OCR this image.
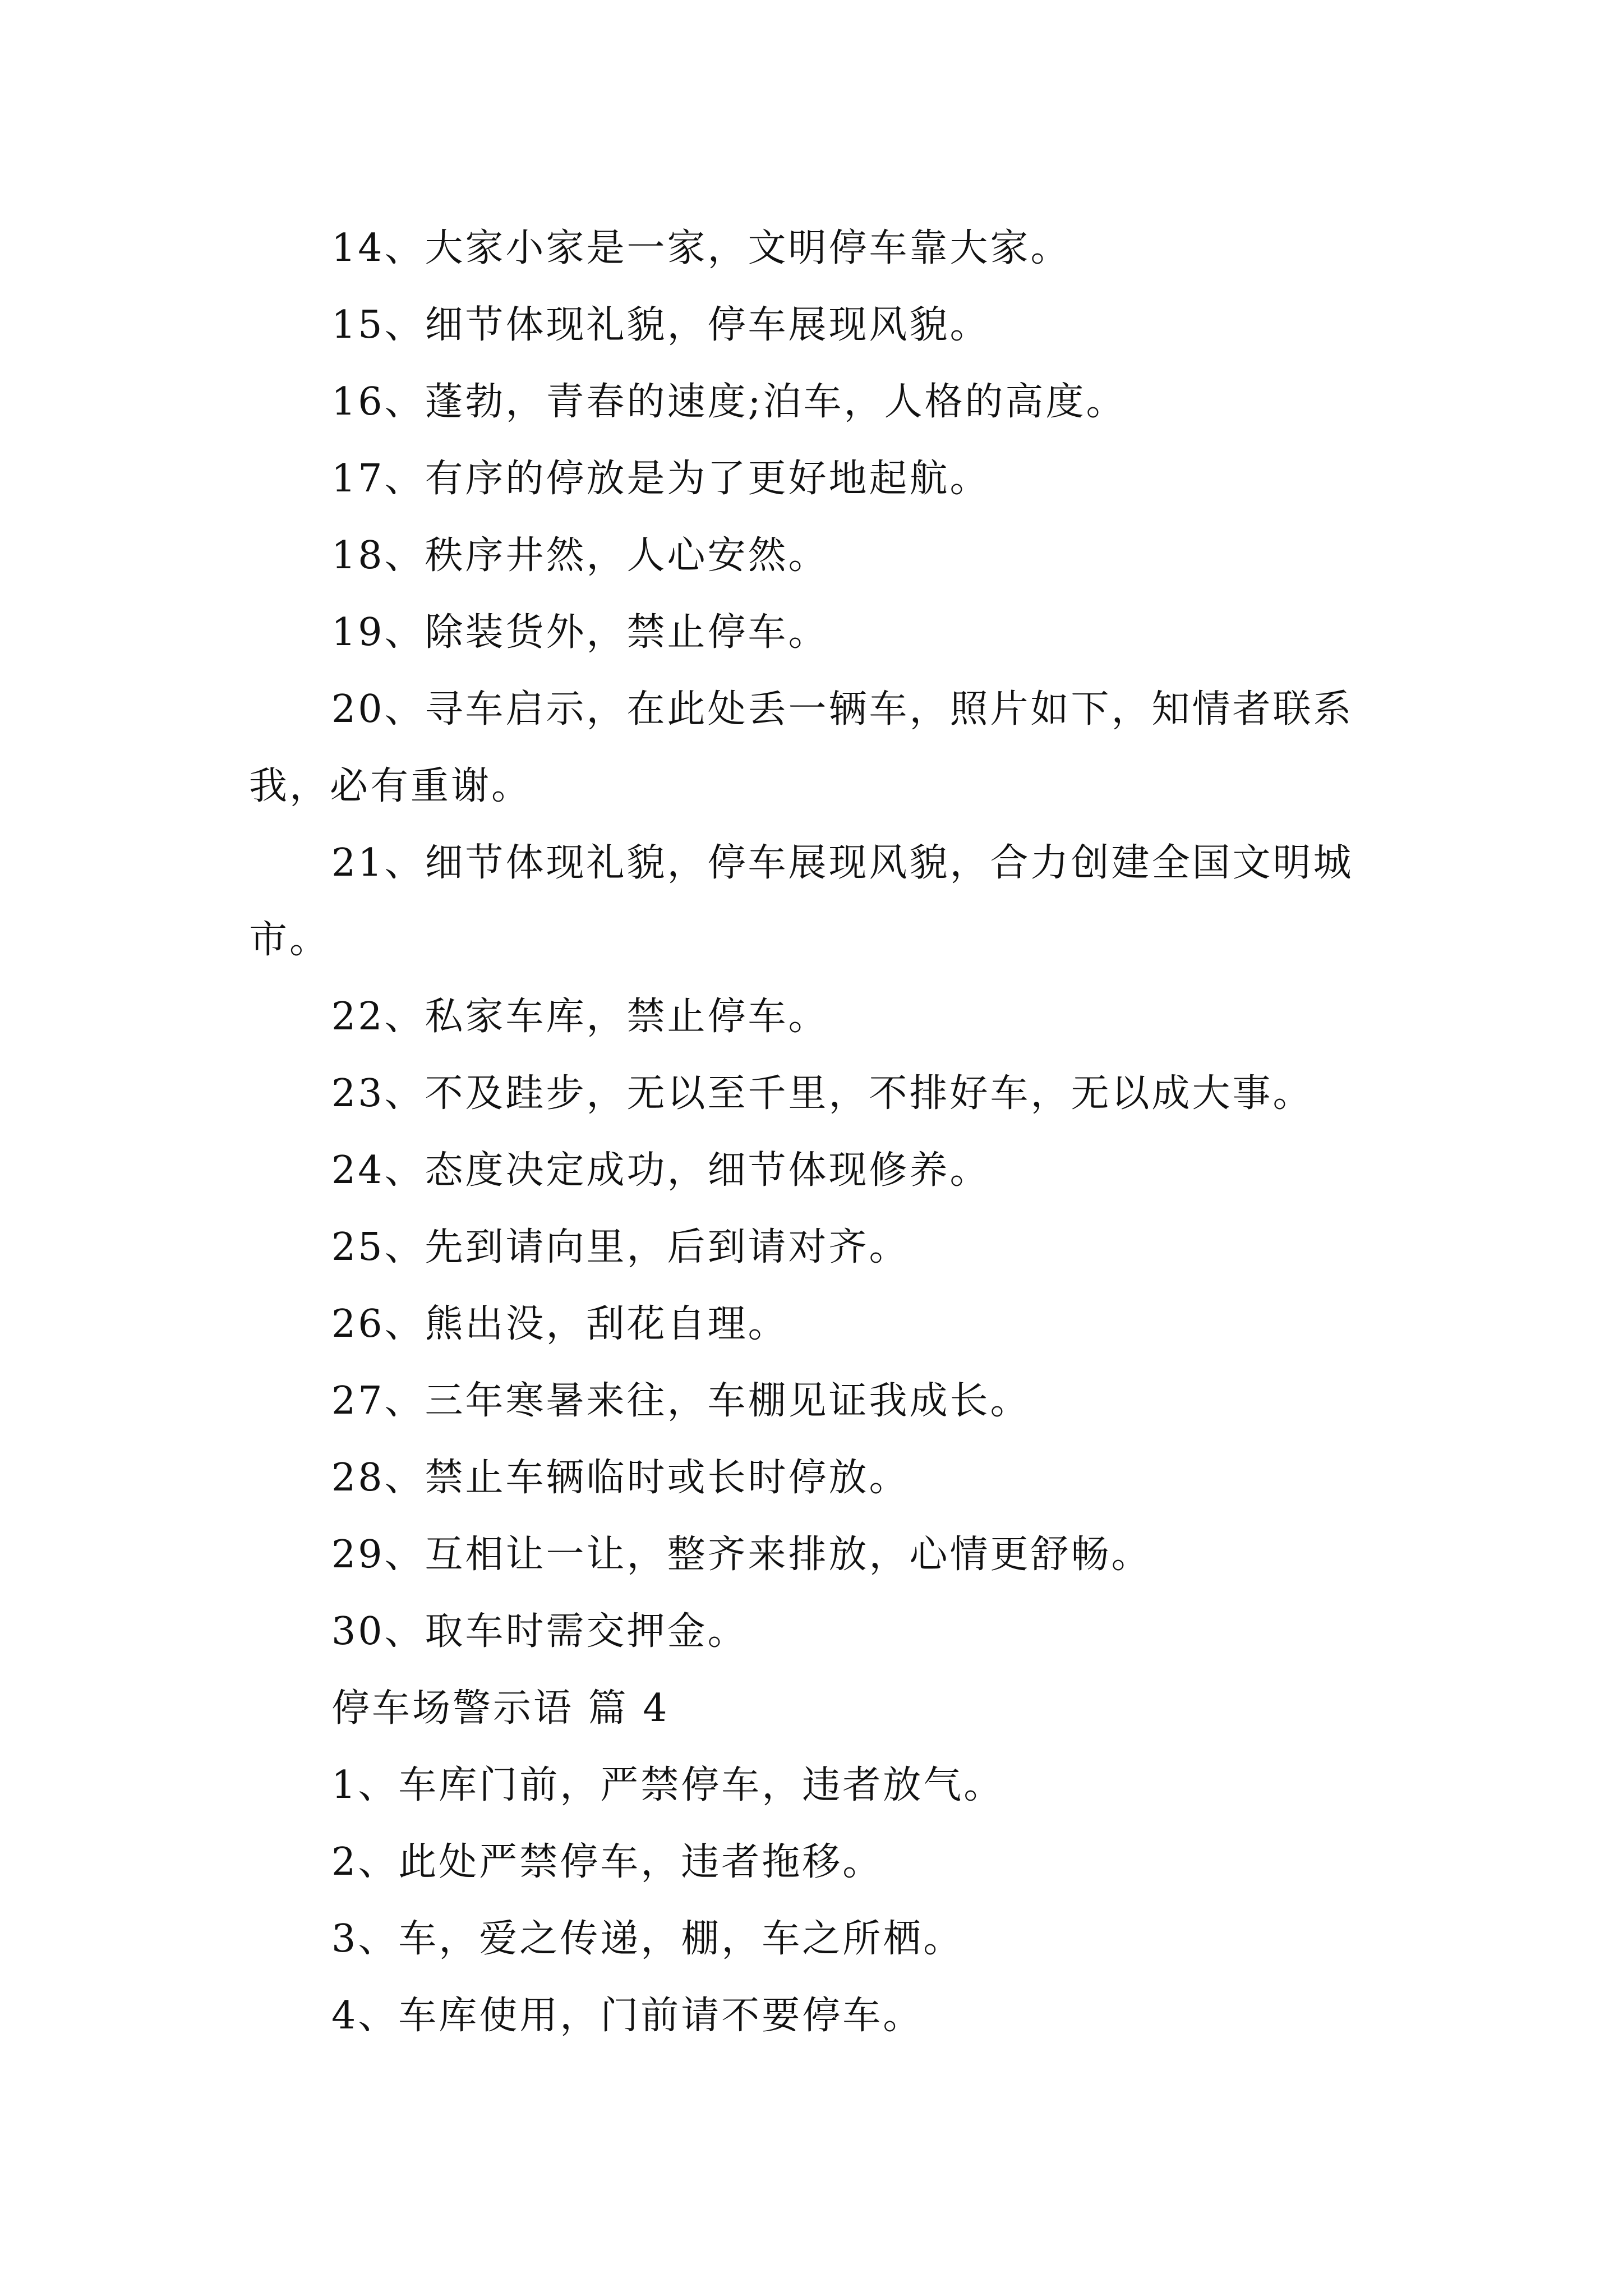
14、大家小家是一家，文明停车靠大家。

15、细节体现礼貌，停车展现风貌。

16、蓬勃，青春的速度;泊车，人格的高度。

17、有序的停放是为了更好地起航。

18、秩序井然，人心安然。

19、除装货外，禁止停车。

20、寻车启示，在此处丢一辆车，照片如下，知情者联系我，必有重谢。

21、细节体现礼貌，停车展现风貌，合力创建全国文明城市。

22、私家车库，禁止停车。

23、不及跬步，无以至千里，不排好车，无以成大事。

24、态度决定成功，细节体现修养。

25、先到请向里，后到请对齐。

26、熊出没，刮花自理。

27、三年寒暑来往，车棚见证我成长。

28、禁止车辆临时或长时停放。

29、互相让一让，整齐来排放，心情更舒畅。

30、取车时需交押金。

停车场警示语 篇 4

1、车库门前，严禁停车，违者放气。

2、此处严禁停车，违者拖移。

3、车，爱之传递，棚，车之所栖。

4、车库使用，门前请不要停车。
